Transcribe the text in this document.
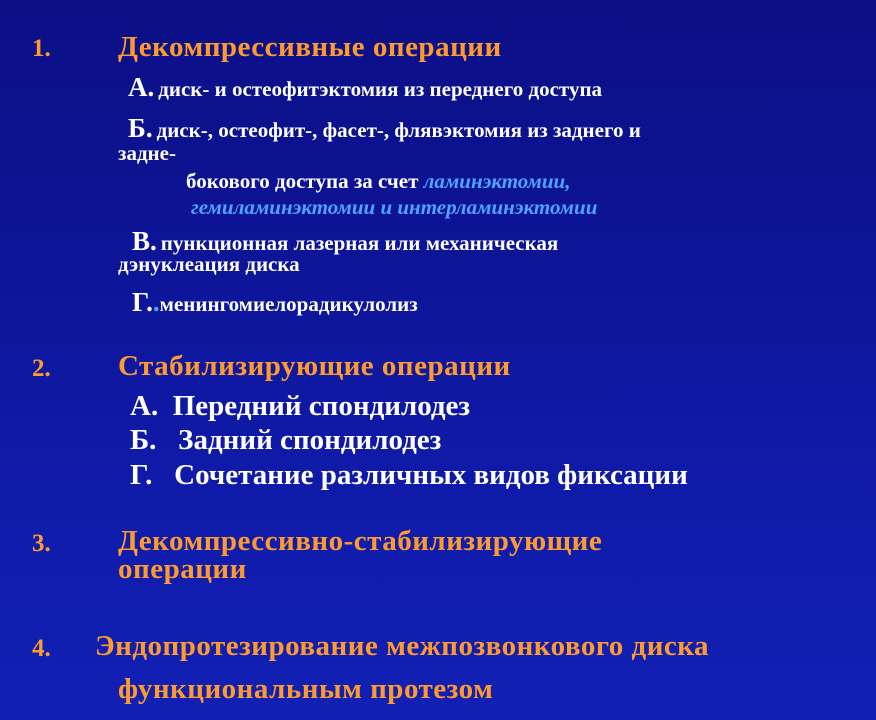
1. Декомпрессивные операции
А. диск- и остеофитэктомия из переднего доступа
Б. диск-, остеофит-, фасет-, флявэктомия из заднего и
задне-
бокового доступа за счет ламинэктомии,
гемиламинэктомии и интерламинэктомии
В. пункционная лазерная или механическая
дэнуклеация диска
Г..менингомиелорадикулолиз
2. Стабилизирующие операции
А.  Передний спондилодез
Б.   Задний спондилодез
Г.   Сочетание различных видов фиксации
3. Декомпрессивно-стабилизирующие
операции
4. Эндопротезирование межпозвонкового диска
функциональным протезом
